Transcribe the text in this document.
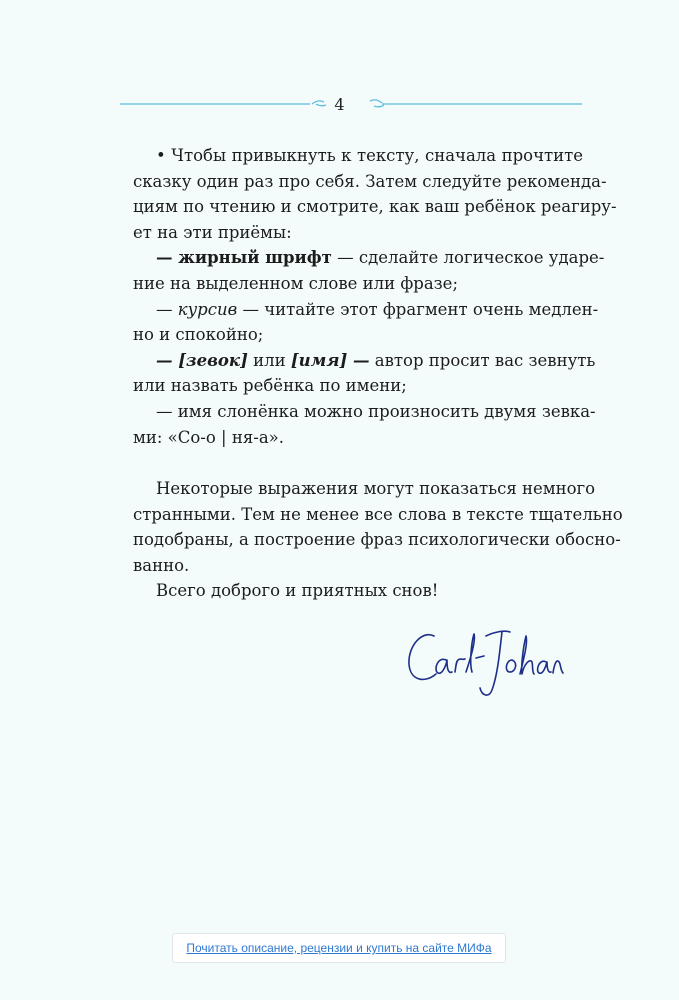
4
• Чтобы привыкнуть к тексту, сначала прочтите
сказку один раз про себя. Затем следуйте рекоменда-
циям по чтению и смотрите, как ваш ребёнок реагиру-
ет на эти приёмы:
— жирный шрифт — сделайте логическое ударе-
ние на выделенном слове или фразе;
— курсив — читайте этот фрагмент очень медлен-
но и спокойно;
— [зевок] или [имя] — автор просит вас зевнуть
или назвать ребёнка по имени;
— имя слонёнка можно произносить двумя зевка-
ми: «Со-о | ня-а».
Некоторые выражения могут показаться немного
странными. Тем не менее все слова в тексте тщательно
подобраны, а построение фраз психологически обосно-
ванно.
Всего доброго и приятных снов!
Почитать описание, рецензии и купить на сайте МИФа
